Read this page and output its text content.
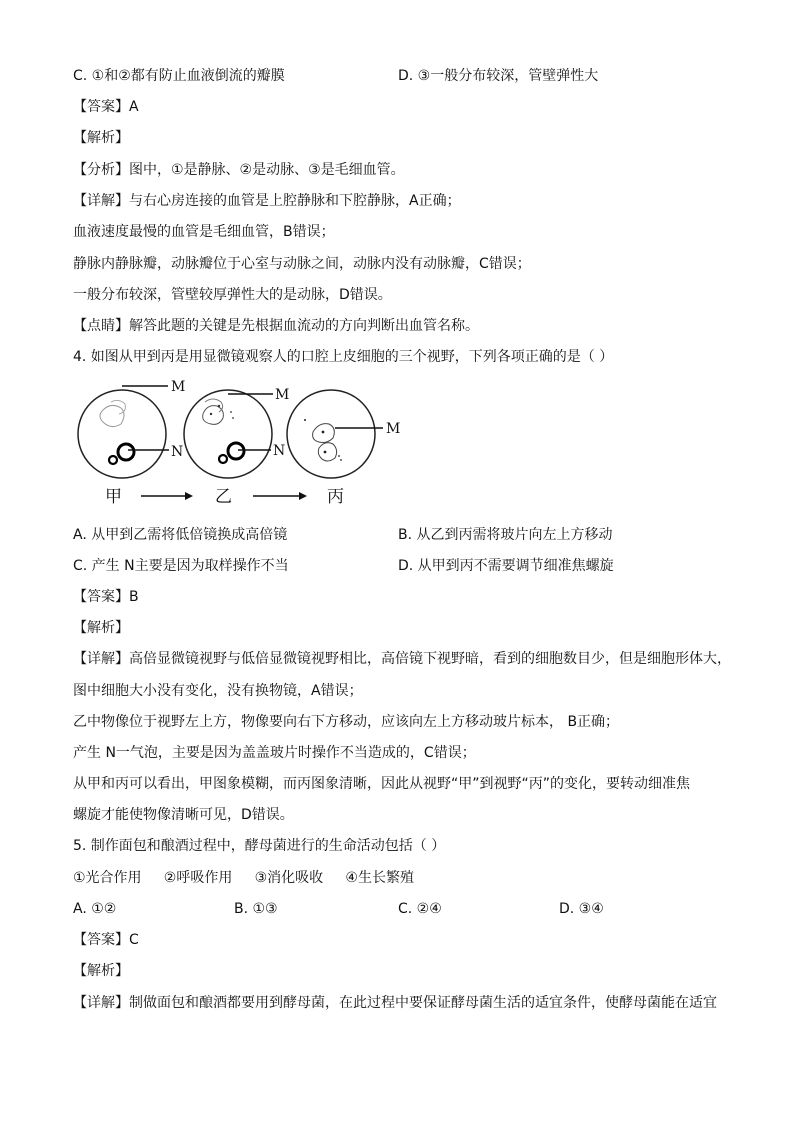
C. ①和②都有防止血液倒流的瓣膜	D. ③一般分布较深，管壁弹性大
【答案】A
【解析】
【分析】图中，①是静脉、②是动脉、③是毛细血管。
【详解】与右心房连接的血管是上腔静脉和下腔静脉，A正确；
血液速度最慢的血管是毛细血管，B错误；
静脉内静脉瓣，动脉瓣位于心室与动脉之间，动脉内没有动脉瓣，C错误；
一般分布较深，管壁较厚弹性大的是动脉，D错误。
【点睛】解答此题的关键是先根据血流动的方向判断出血管名称。
4. 如图从甲到丙是用显微镜观察人的口腔上皮细胞的三个视野，下列各项正确的是（ ）
M
N
M
N
M
甲	乙	丙
A. 从甲到乙需将低倍镜换成高倍镜	B. 从乙到丙需将玻片向左上方移动
C. 产生 N主要是因为取样操作不当	D. 从甲到丙不需要调节细准焦螺旋
【答案】B
【解析】
【详解】高倍显微镜视野与低倍显微镜视野相比，高倍镜下视野暗，看到的细胞数目少，但是细胞形体大，
图中细胞大小没有变化，没有换物镜，A错误；
乙中物像位于视野左上方，物像要向右下方移动，应该向左上方移动玻片标本， B正确；
产生 N一气泡，主要是因为盖盖玻片时操作不当造成的，C错误；
从甲和丙可以看出，甲图象模糊，而丙图象清晰，因此从视野“甲”到视野“丙”的变化，要转动细准焦
螺旋才能使物像清晰可见，D错误。
5. 制作面包和酿酒过程中，酵母菌进行的生命活动包括（ ）
①光合作用     ②呼吸作用     ③消化吸收     ④生长繁殖
A. ①②	B. ①③	C. ②④	D. ③④
【答案】C
【解析】
【详解】制做面包和酿酒都要用到酵母菌，在此过程中要保证酵母菌生活的适宜条件，使酵母菌能在适宜
